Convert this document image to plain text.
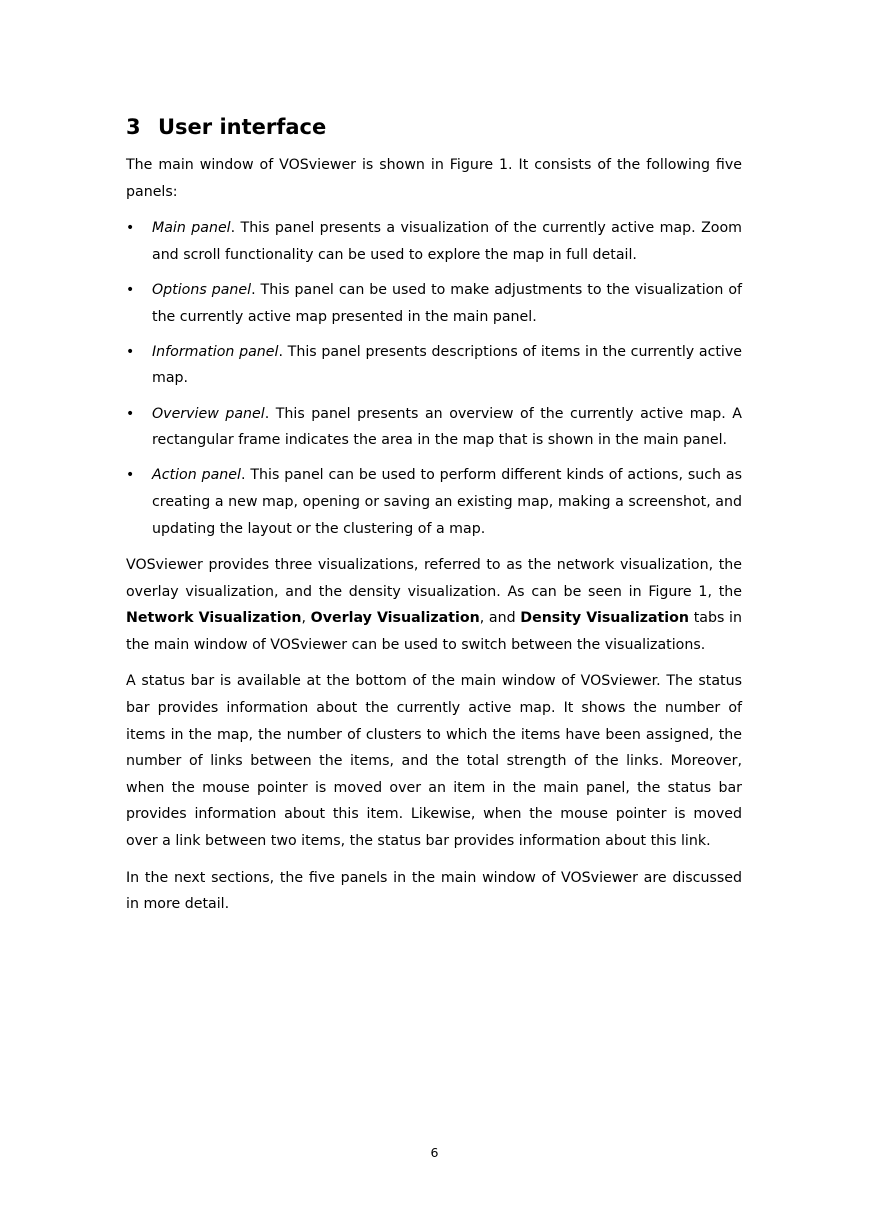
3 User interface

The main window of VOSviewer is shown in Figure 1. It consists of the following five panels:

• Main panel. This panel presents a visualization of the currently active map. Zoom and scroll functionality can be used to explore the map in full detail.
• Options panel. This panel can be used to make adjustments to the visualization of the currently active map presented in the main panel.
• Information panel. This panel presents descriptions of items in the currently active map.
• Overview panel. This panel presents an overview of the currently active map. A rectangular frame indicates the area in the map that is shown in the main panel.
• Action panel. This panel can be used to perform different kinds of actions, such as creating a new map, opening or saving an existing map, making a screenshot, and updating the layout or the clustering of a map.

VOSviewer provides three visualizations, referred to as the network visualization, the overlay visualization, and the density visualization. As can be seen in Figure 1, the Network Visualization, Overlay Visualization, and Density Visualization tabs in the main window of VOSviewer can be used to switch between the visualizations.

A status bar is available at the bottom of the main window of VOSviewer. The status bar provides information about the currently active map. It shows the number of items in the map, the number of clusters to which the items have been assigned, the number of links between the items, and the total strength of the links. Moreover, when the mouse pointer is moved over an item in the main panel, the status bar provides information about this item. Likewise, when the mouse pointer is moved over a link between two items, the status bar provides information about this link.

In the next sections, the five panels in the main window of VOSviewer are discussed in more detail.

6
